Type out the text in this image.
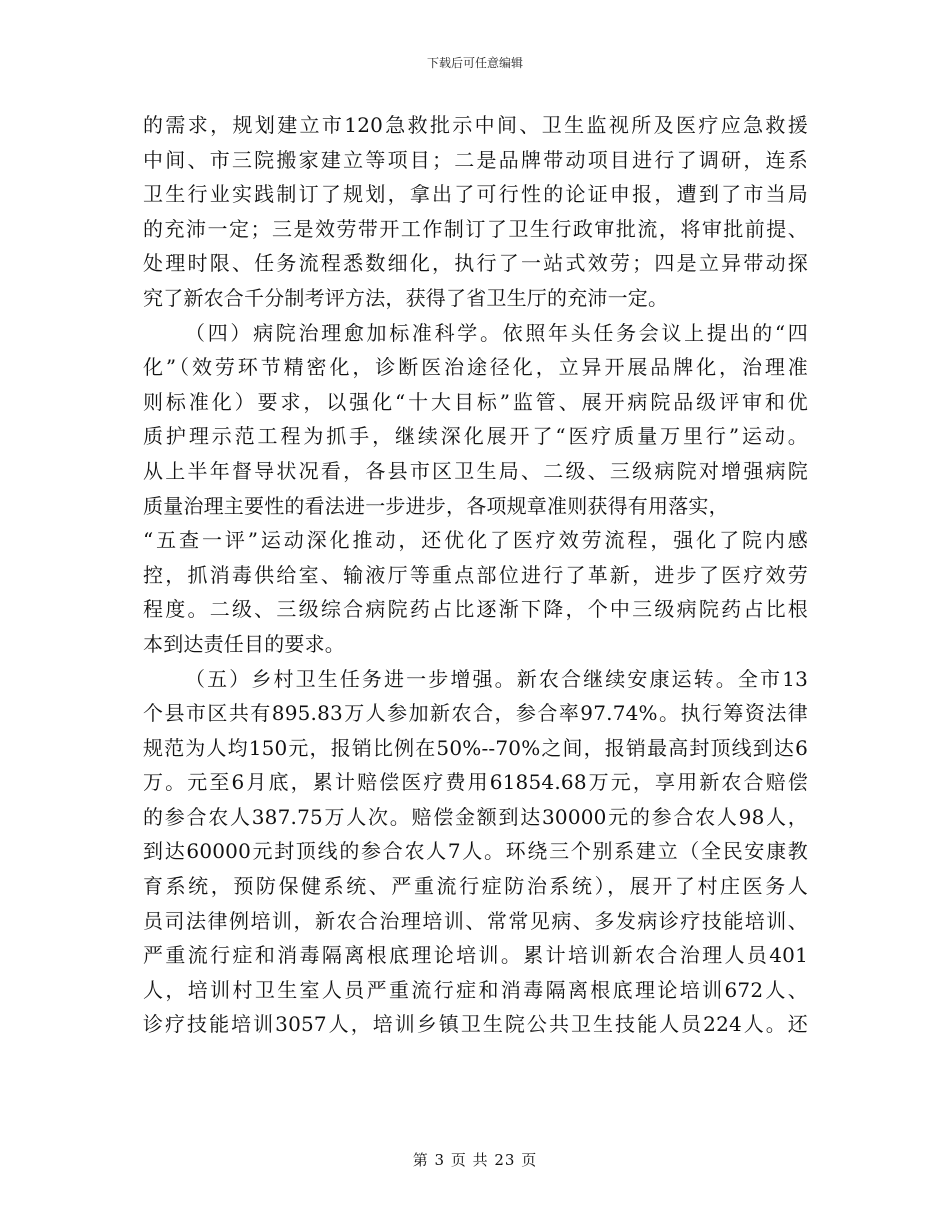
下载后可任意编辑
的需求，规划建立市120急救批示中间、卫生监视所及医疗应急救援
中间、市三院搬家建立等项目；二是品牌带动项目进行了调研，连系
卫生行业实践制订了规划，拿出了可行性的论证申报，遭到了市当局
的充沛一定；三是效劳带开工作制订了卫生行政审批流，将审批前提、
处理时限、任务流程悉数细化，执行了一站式效劳；四是立异带动探
究了新农合千分制考评方法，获得了省卫生厅的充沛一定。
（四）病院治理愈加标准科学。依照年头任务会议上提出的“四
化”（效劳环节精密化，诊断医治途径化，立异开展品牌化，治理准
则标准化）要求，以强化“十大目标”监管、展开病院品级评审和优
质护理示范工程为抓手，继续深化展开了“医疗质量万里行”运动。
从上半年督导状况看，各县市区卫生局、二级、三级病院对增强病院
质量治理主要性的看法进一步进步，各项规章准则获得有用落实，
“五查一评”运动深化推动，还优化了医疗效劳流程，强化了院内感
控，抓消毒供给室、输液厅等重点部位进行了革新，进步了医疗效劳
程度。二级、三级综合病院药占比逐渐下降，个中三级病院药占比根
本到达责任目的要求。
（五）乡村卫生任务进一步增强。新农合继续安康运转。全市13
个县市区共有895.83万人参加新农合，参合率97.74%。执行筹资法律
规范为人均150元，报销比例在50%--70%之间，报销最高封顶线到达6
万。元至6月底，累计赔偿医疗费用61854.68万元，享用新农合赔偿
的参合农人387.75万人次。赔偿金额到达30000元的参合农人98人，
到达60000元封顶线的参合农人7人。环绕三个别系建立（全民安康教
育系统，预防保健系统、严重流行症防治系统），展开了村庄医务人
员司法律例培训，新农合治理培训、常常见病、多发病诊疗技能培训、
严重流行症和消毒隔离根底理论培训。累计培训新农合治理人员401
人，培训村卫生室人员严重流行症和消毒隔离根底理论培训672人、
诊疗技能培训3057人，培训乡镇卫生院公共卫生技能人员224人。还
第 3 页 共 23 页
